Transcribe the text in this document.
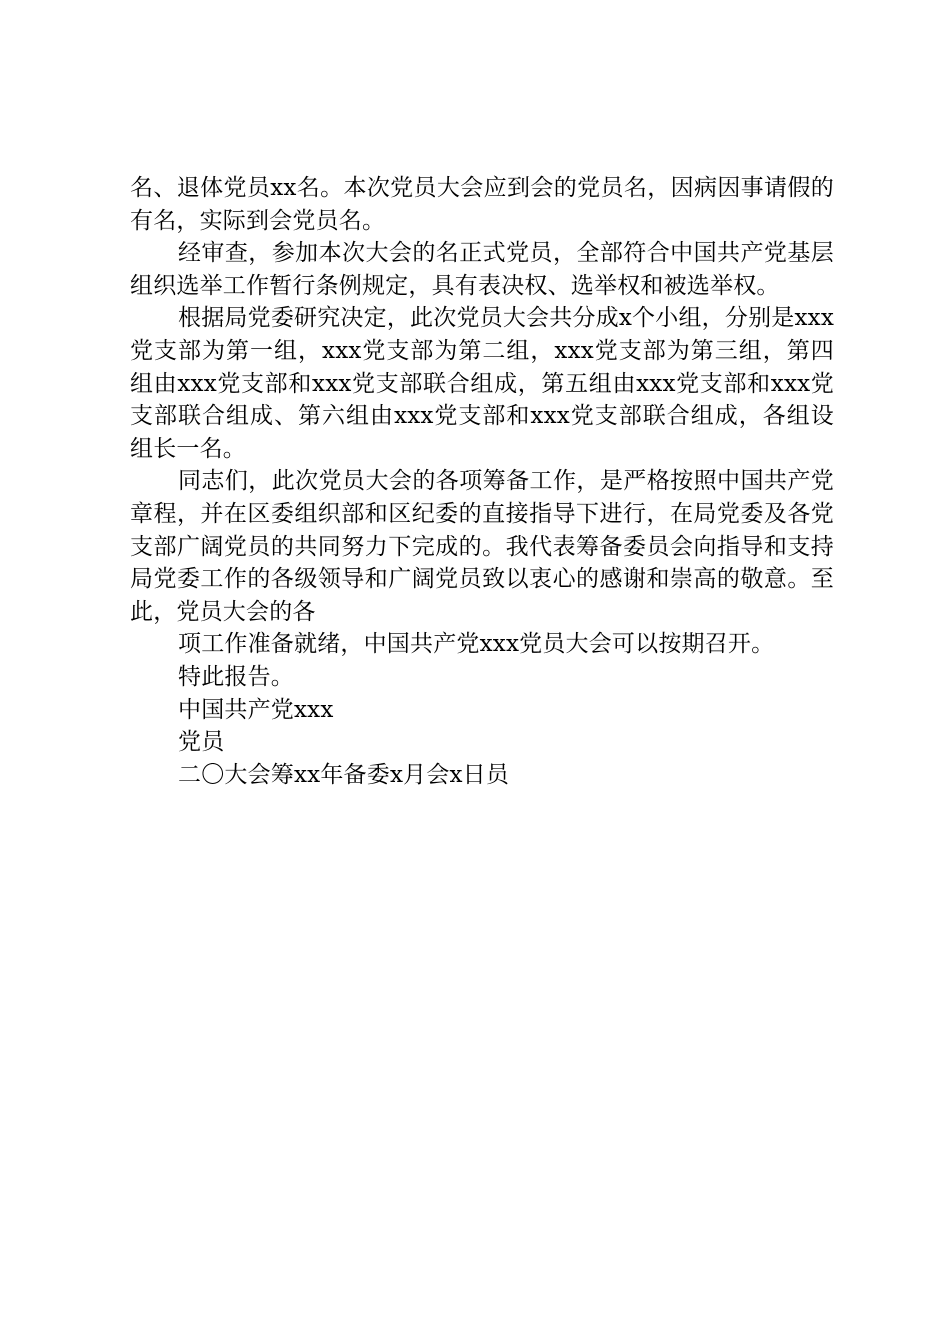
名、退体党员xx名。本次党员大会应到会的党员名，因病因事请假的有名，实际到会党员名。

经审查，参加本次大会的名正式党员，全部符合中国共产党基层组织选举工作暂行条例规定，具有表决权、选举权和被选举权。

根据局党委研究决定，此次党员大会共分成x个小组，分别是xxx党支部为第一组，xxx党支部为第二组，xxx党支部为第三组，第四组由xxx党支部和xxx党支部联合组成，第五组由xxx党支部和xxx党支部联合组成、第六组由xxx党支部和xxx党支部联合组成，各组设组长一名。

同志们，此次党员大会的各项筹备工作，是严格按照中国共产党章程，并在区委组织部和区纪委的直接指导下进行，在局党委及各党支部广阔党员的共同努力下完成的。我代表筹备委员会向指导和支持局党委工作的各级领导和广阔党员致以衷心的感谢和崇高的敬意。至此，党员大会的各

项工作准备就绪，中国共产党xxx党员大会可以按期召开。

特此报告。

中国共产党xxx

党员

二〇大会筹xx年备委x月会x日员
